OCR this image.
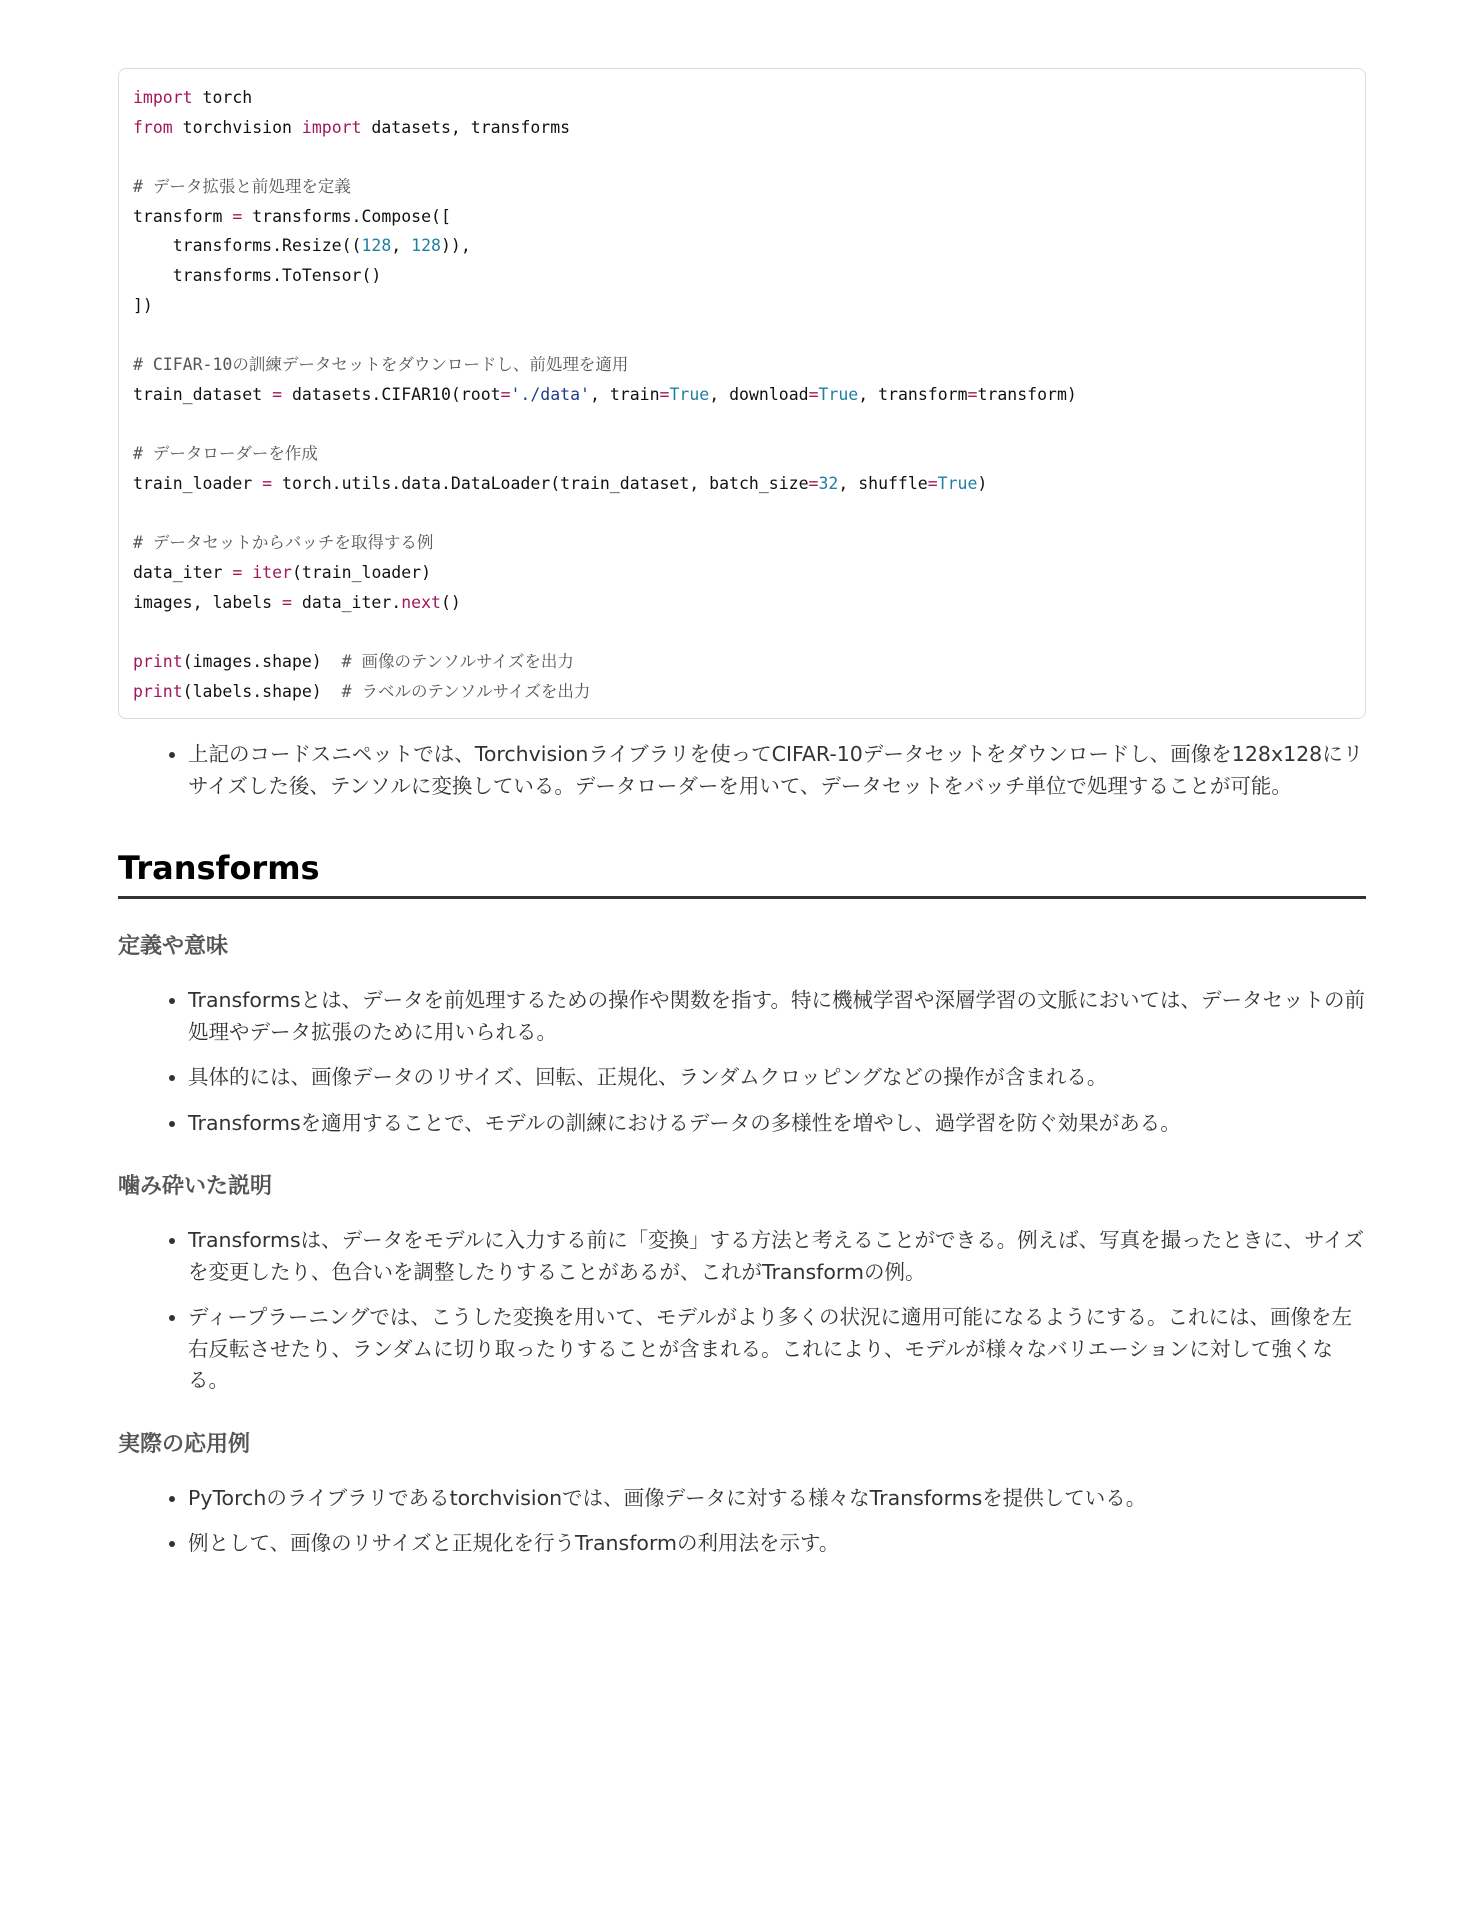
import torch
from torchvision import datasets, transforms
# データ拡張と前処理を定義
transform = transforms.Compose([
transforms.Resize((128, 128)),
transforms.ToTensor()
])
# CIFAR-10の訓練データセットをダウンロードし、前処理を適用
train_dataset = datasets.CIFAR10(root='./data', train=True, download=True, transform=transform)
# データローダーを作成
train_loader = torch.utils.data.DataLoader(train_dataset, batch_size=32, shuffle=True)
# データセットからバッチを取得する例
data_iter = iter(train_loader)
images, labels = data_iter.next()
print(images.shape)  # 画像のテンソルサイズを出力
print(labels.shape)  # ラベルのテンソルサイズを出力
• 上記のコードスニペットでは、Torchvisionライブラリを使ってCIFAR-10データセットをダウンロードし、画像を128x128にリサイズした後、テンソルに変換している。データローダーを用いて、データセットをバッチ単位で処理することが可能。
Transforms
定義や意味
• Transformsとは、データを前処理するための操作や関数を指す。特に機械学習や深層学習の文脈においては、データセットの前処理やデータ拡張のために用いられる。
• 具体的には、画像データのリサイズ、回転、正規化、ランダムクロッピングなどの操作が含まれる。
• Transformsを適用することで、モデルの訓練におけるデータの多様性を増やし、過学習を防ぐ効果がある。
噛み砕いた説明
• Transformsは、データをモデルに入力する前に「変換」する方法と考えることができる。例えば、写真を撮ったときに、サイズを変更したり、色合いを調整したりすることがあるが、これがTransformの例。
• ディープラーニングでは、こうした変換を用いて、モデルがより多くの状況に適用可能になるようにする。これには、画像を左右反転させたり、ランダムに切り取ったりすることが含まれる。これにより、モデルが様々なバリエーションに対して強くなる。
実際の応用例
• PyTorchのライブラリであるtorchvisionでは、画像データに対する様々なTransformsを提供している。
• 例として、画像のリサイズと正規化を行うTransformの利用法を示す。
